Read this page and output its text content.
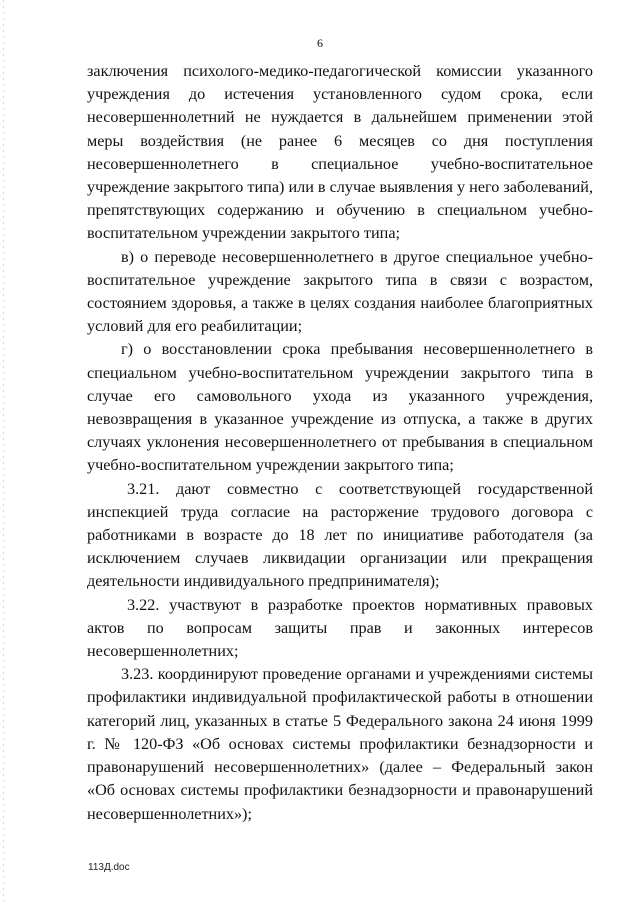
6

заключения психолого-медико-педагогической комиссии указанного учреждения до истечения установленного судом срока, если несовершеннолетний не нуждается в дальнейшем применении этой меры воздействия (не ранее 6 месяцев со дня поступления несовершеннолетнего в специальное учебно-воспитательное учреждение закрытого типа) или в случае выявления у него заболеваний, препятствующих содержанию и обучению в специальном учебно-воспитательном учреждении закрытого типа;

в) о переводе несовершеннолетнего в другое специальное учебно-воспитательное учреждение закрытого типа в связи с возрастом, состоянием здоровья, а также в целях создания наиболее благоприятных условий для его реабилитации;

г) о восстановлении срока пребывания несовершеннолетнего в специальном учебно-воспитательном учреждении закрытого типа в случае его самовольного ухода из указанного учреждения, невозвращения в указанное учреждение из отпуска, а также в других случаях уклонения несовершеннолетнего от пребывания в специальном учебно-воспитательном учреждении закрытого типа;

3.21. дают совместно с соответствующей государственной инспекцией труда согласие на расторжение трудового договора с работниками в возрасте до 18 лет по инициативе работодателя (за исключением случаев ликвидации организации или прекращения деятельности индивидуального предпринимателя);

3.22. участвуют в разработке проектов нормативных правовых актов по вопросам защиты прав и законных интересов несовершеннолетних;

3.23. координируют проведение органами и учреждениями системы профилактики индивидуальной профилактической работы в отношении категорий лиц, указанных в статье 5 Федерального закона 24 июня 1999 г. № 120-ФЗ «Об основах системы профилактики безнадзорности и правонарушений несовершеннолетних» (далее – Федеральный закон «Об основах системы профилактики безнадзорности и правонарушений несовершеннолетних»);

113Д.doc
